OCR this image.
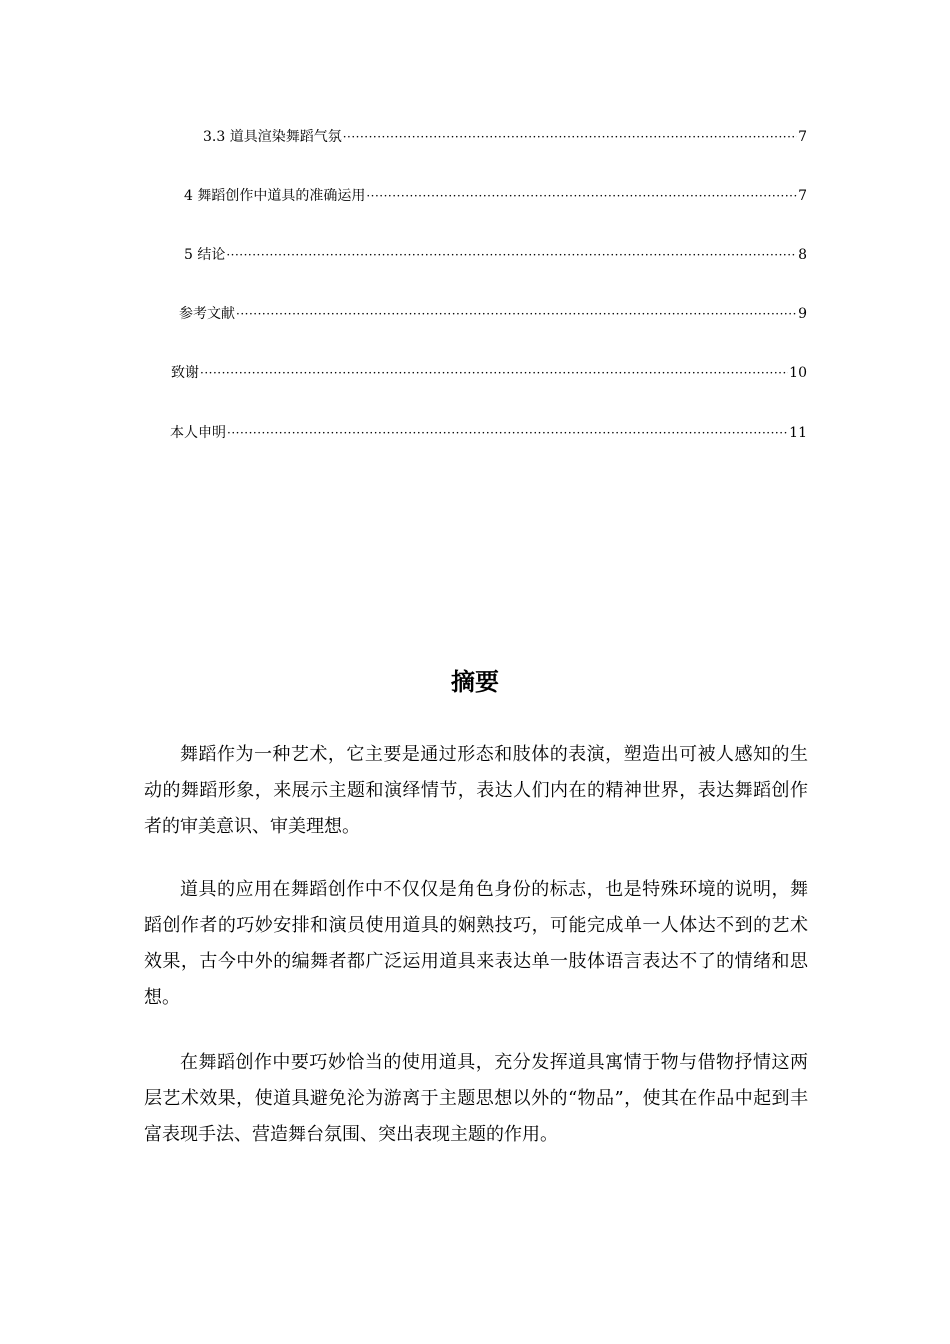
3.3 道具渲染舞蹈气氛 ·····	7
4 舞蹈创作中道具的准确运用 ·····	7
5 结论 ·····	8
参考文献 ·····	9
致谢 ·····	10
本人申明 ·····	11
摘要

舞蹈作为一种艺术，它主要是通过形态和肢体的表演，塑造出可被人感知的生动的舞蹈形象，来展示主题和演绎情节，表达人们内在的精神世界，表达舞蹈创作者的审美意识、审美理想。

道具的应用在舞蹈创作中不仅仅是角色身份的标志，也是特殊环境的说明，舞蹈创作者的巧妙安排和演员使用道具的娴熟技巧，可能完成单一人体达不到的艺术效果，古今中外的编舞者都广泛运用道具来表达单一肢体语言表达不了的情绪和思想。

在舞蹈创作中要巧妙恰当的使用道具，充分发挥道具寓情于物与借物抒情这两层艺术效果，使道具避免沦为游离于主题思想以外的“物品”，使其在作品中起到丰富表现手法、营造舞台氛围、突出表现主题的作用。
